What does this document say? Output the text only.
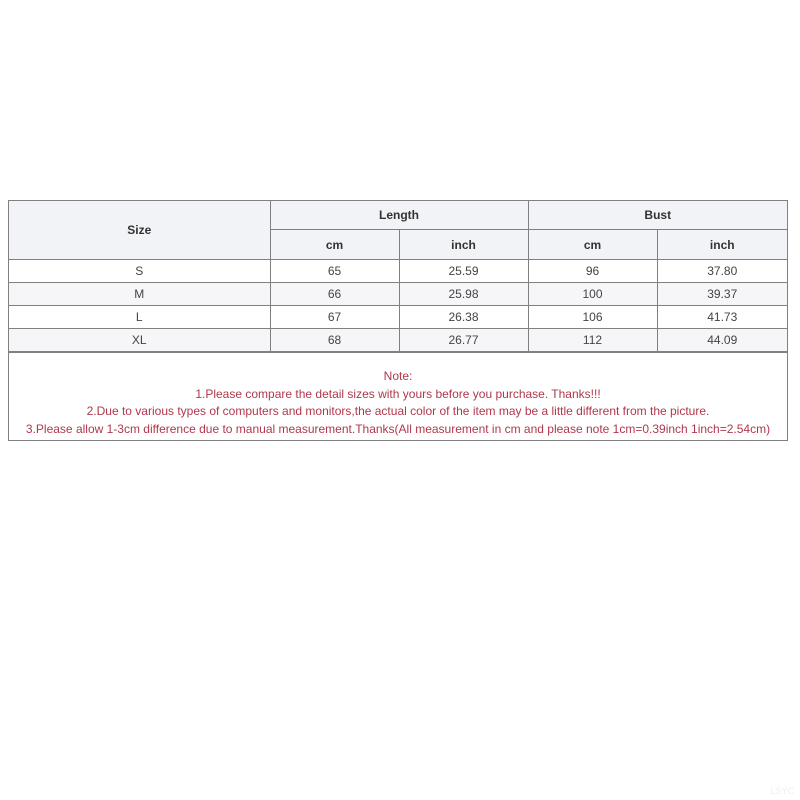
Size	Length		Bust	
	cm	inch	cm	inch
S	65	25.59	96	37.80
M	66	25.98	100	39.37
L	67	26.38	106	41.73
XL	68	26.77	112	44.09
Note:
1.Please compare the detail sizes with yours before you purchase. Thanks!!!
2.Due to various types of computers and monitors,the actual color of the item may be a little different from the picture.
3.Please allow 1-3cm difference due to manual measurement.Thanks(All measurement in cm and please note 1cm=0.39inch 1inch=2.54cm)
LSYC
